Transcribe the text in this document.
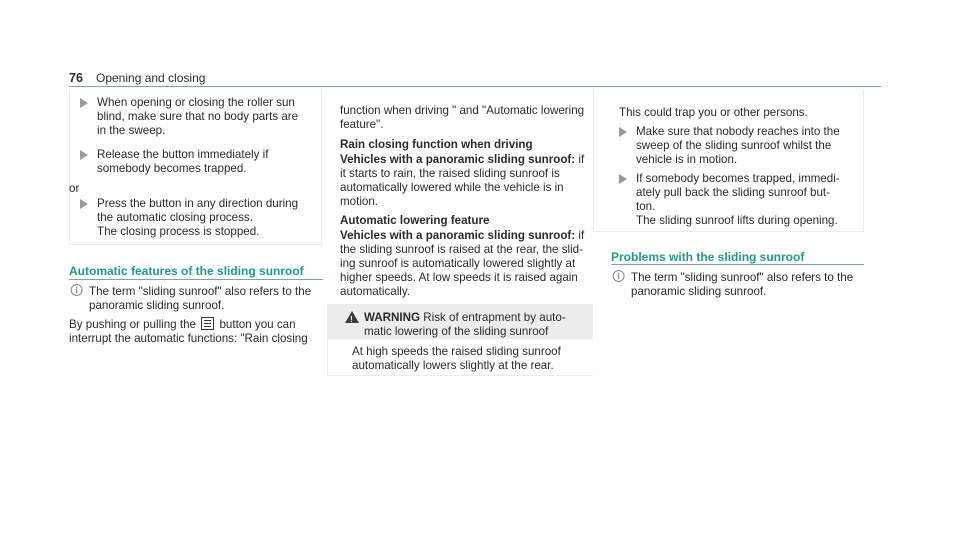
76 Opening and closing
When opening or closing the roller sun
blind, make sure that no body parts are
in the sweep.
Release the button immediately if
somebody becomes trapped.
or
Press the button in any direction during
the automatic closing process.
The closing process is stopped.
Automatic features of the sliding sunroof
🛈 The term "sliding sunroof" also refers to the
panoramic sliding sunroof.
By pushing or pulling the button you can
interrupt the automatic functions: "Rain closing
function when driving " and "Automatic lowering
feature".
Rain closing function when driving
Vehicles with a panoramic sliding sunroof: if
it starts to rain, the raised sliding sunroof is
automatically lowered while the vehicle is in
motion.
Automatic lowering feature
Vehicles with a panoramic sliding sunroof: if
the sliding sunroof is raised at the rear, the slid-
ing sunroof is automatically lowered slightly at
higher speeds. At low speeds it is raised again
automatically.
! WARNING Risk of entrapment by auto-
matic lowering of the sliding sunroof
At high speeds the raised sliding sunroof
automatically lowers slightly at the rear.
This could trap you or other persons.
Make sure that nobody reaches into the
sweep of the sliding sunroof whilst the
vehicle is in motion.
If somebody becomes trapped, immedi-
ately pull back the sliding sunroof but-
ton.
The sliding sunroof lifts during opening.
Problems with the sliding sunroof
🛈 The term "sliding sunroof" also refers to the
panoramic sliding sunroof.
